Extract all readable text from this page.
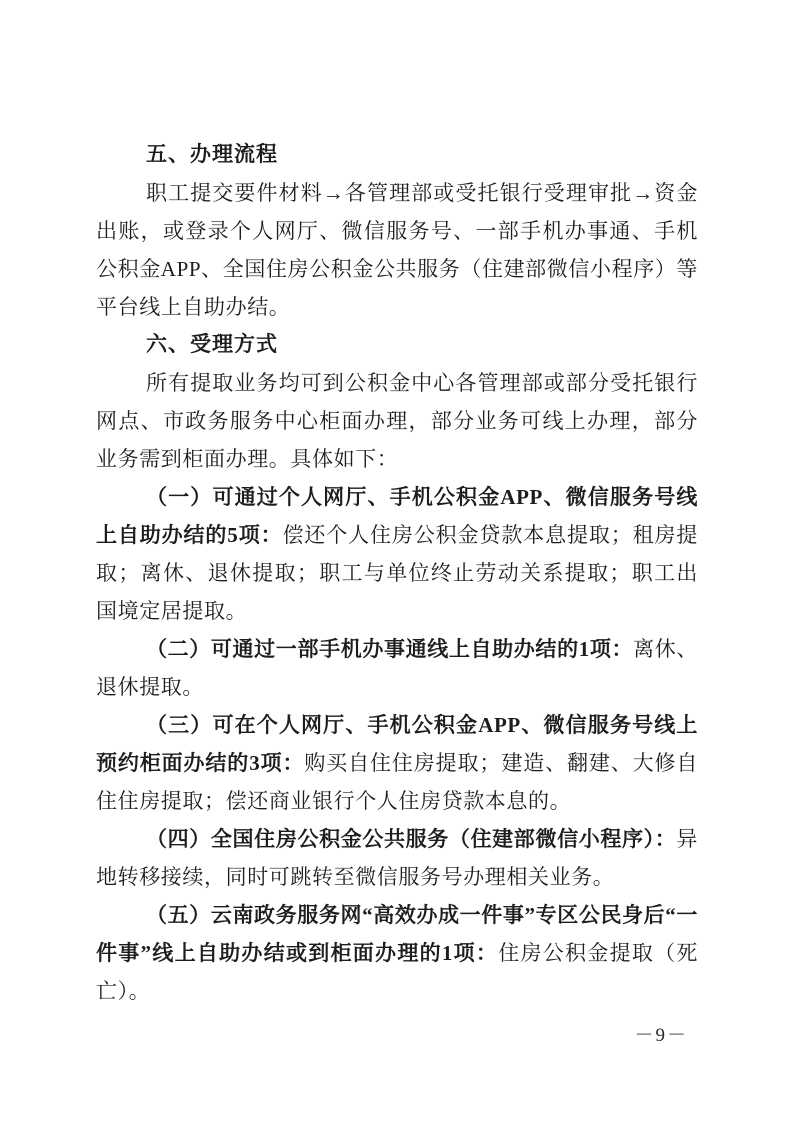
五、办理流程

职工提交要件材料→各管理部或受托银行受理审批→资金出账，或登录个人网厅、微信服务号、一部手机办事通、手机公积金APP、全国住房公积金公共服务（住建部微信小程序）等平台线上自助办结。

六、受理方式

所有提取业务均可到公积金中心各管理部或部分受托银行网点、市政务服务中心柜面办理，部分业务可线上办理，部分业务需到柜面办理。具体如下：

（一）可通过个人网厅、手机公积金APP、微信服务号线上自助办结的5项：偿还个人住房公积金贷款本息提取；租房提取；离休、退休提取；职工与单位终止劳动关系提取；职工出国境定居提取。

（二）可通过一部手机办事通线上自助办结的1项：离休、退休提取。

（三）可在个人网厅、手机公积金APP、微信服务号线上预约柜面办结的3项：购买自住住房提取；建造、翻建、大修自住住房提取；偿还商业银行个人住房贷款本息的。

（四）全国住房公积金公共服务（住建部微信小程序）：异地转移接续，同时可跳转至微信服务号办理相关业务。

（五）云南政务服务网“高效办成一件事”专区公民身后“一件事”线上自助办结或到柜面办理的1项：住房公积金提取（死亡）。

－9－
